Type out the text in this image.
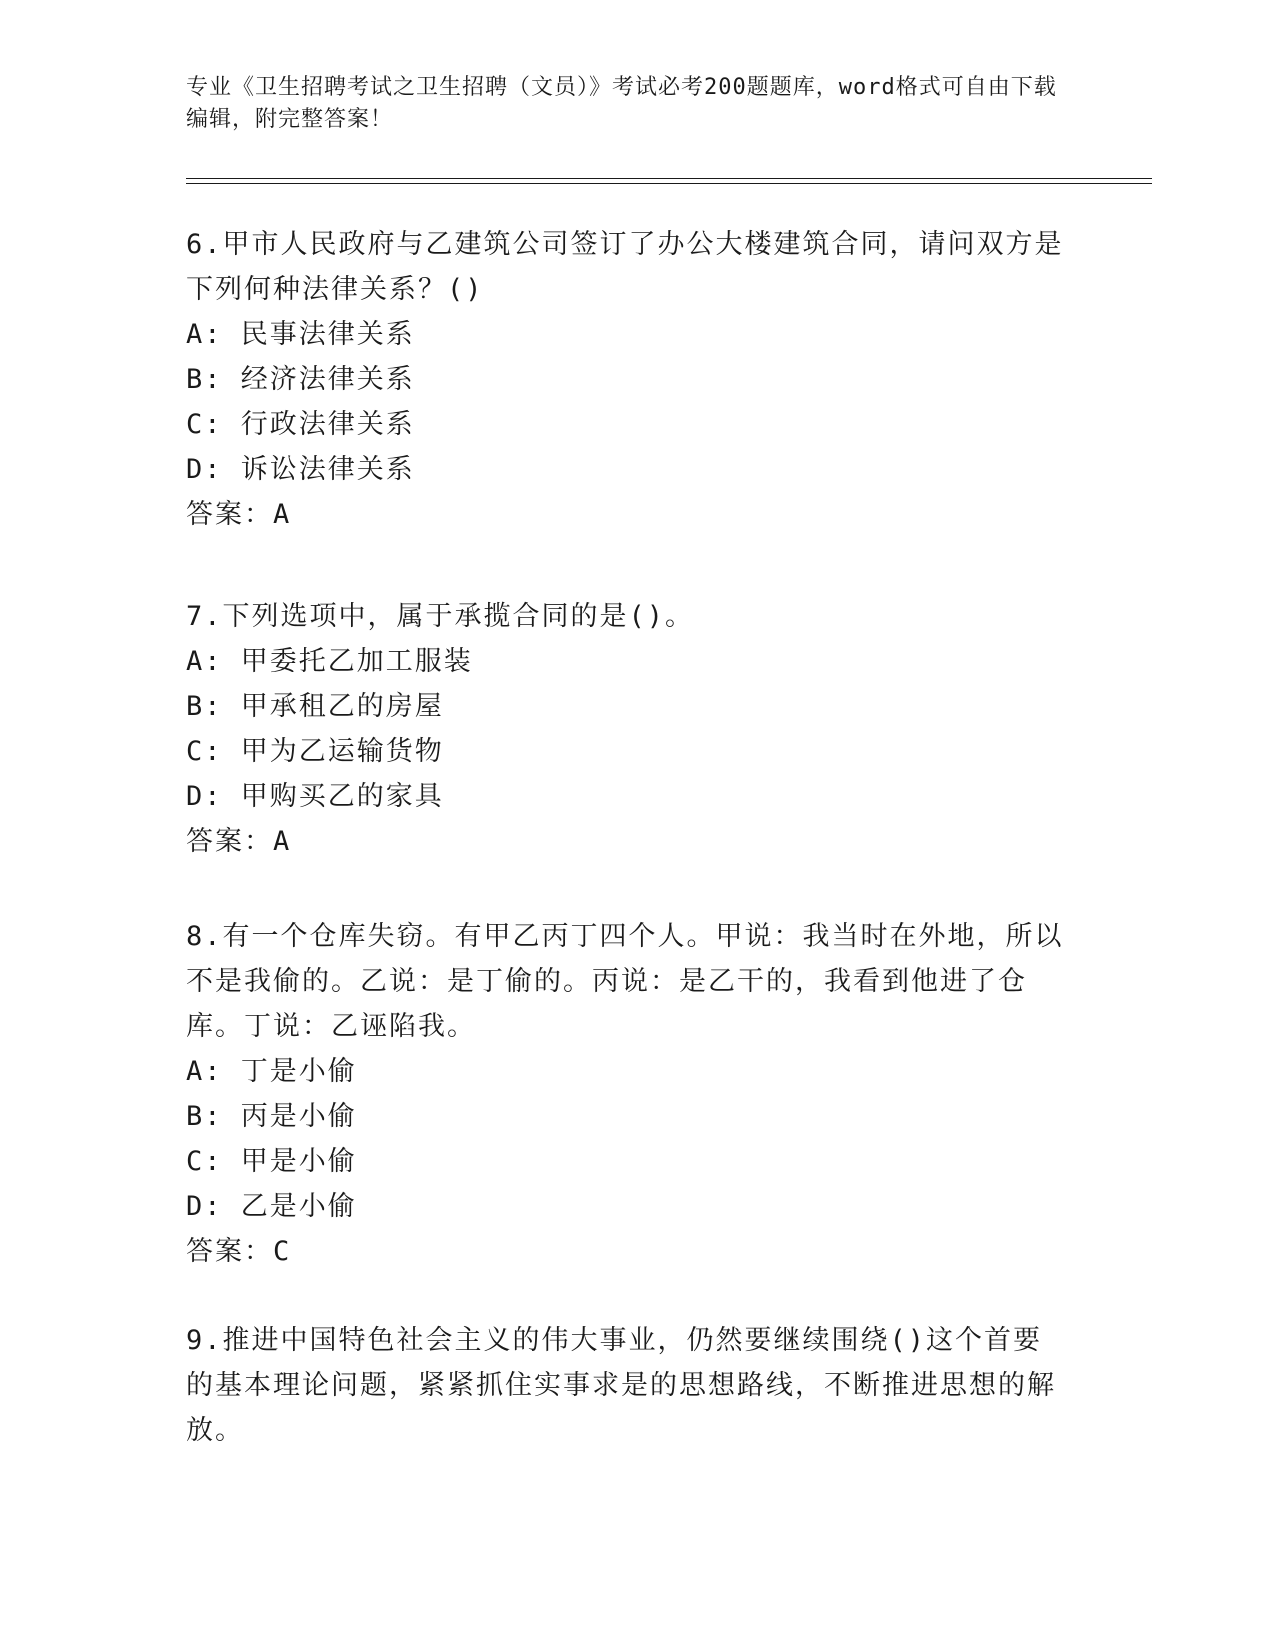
专业《卫生招聘考试之卫生招聘（文员）》考试必考200题题库，word格式可自由下载编辑，附完整答案！
6.甲市人民政府与乙建筑公司签订了办公大楼建筑合同，请问双方是下列何种法律关系？()
A: 民事法律关系
B: 经济法律关系
C: 行政法律关系
D: 诉讼法律关系
答案：A
7.下列选项中，属于承揽合同的是()。
A: 甲委托乙加工服装
B: 甲承租乙的房屋
C: 甲为乙运输货物
D: 甲购买乙的家具
答案：A
8.有一个仓库失窃。有甲乙丙丁四个人。甲说：我当时在外地，所以不是我偷的。乙说：是丁偷的。丙说：是乙干的，我看到他进了仓库。丁说：乙诬陷我。
A: 丁是小偷
B: 丙是小偷
C: 甲是小偷
D: 乙是小偷
答案：C
9.推进中国特色社会主义的伟大事业，仍然要继续围绕()这个首要的基本理论问题，紧紧抓住实事求是的思想路线，不断推进思想的解放。
